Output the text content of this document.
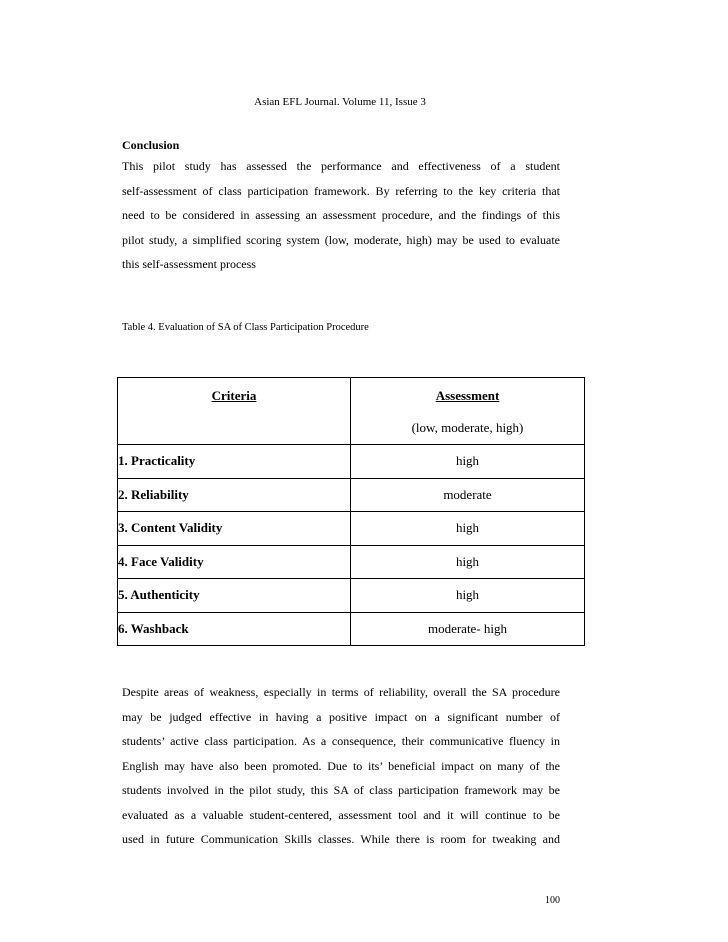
Asian EFL Journal. Volume 11, Issue 3
Conclusion
This pilot study has assessed the performance and effectiveness of a student
self-assessment of class participation framework. By referring to the key criteria that
need to be considered in assessing an assessment procedure, and the findings of this
pilot study, a simplified scoring system (low, moderate, high) may be used to evaluate
this self-assessment process
Table 4. Evaluation of SA of Class Participation Procedure
Criteria	Assessment
(low, moderate, high)

1. Practicality	high
2. Reliability	moderate
3. Content Validity	high
4. Face Validity	high
5. Authenticity	high
6. Washback	moderate- high
Despite areas of weakness, especially in terms of reliability, overall the SA procedure
may be judged effective in having a positive impact on a significant number of
students’ active class participation. As a consequence, their communicative fluency in
English may have also been promoted. Due to its’ beneficial impact on many of the
students involved in the pilot study, this SA of class participation framework may be
evaluated as a valuable student-centered, assessment tool and it will continue to be
used in future Communication Skills classes. While there is room for tweaking and
100
